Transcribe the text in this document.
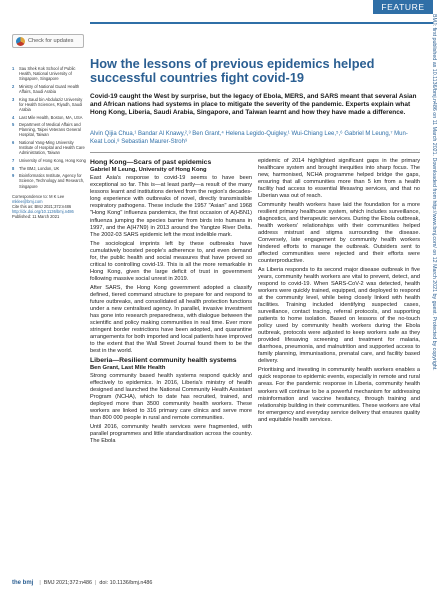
FEATURE
Check for updates
1	Sau Shek Kok School of Public Health, National University of Singapore, Singapore
2	Ministry of National Guard Health Affairs, Saudi Arabia
3	King Saud bin Abdulaziz University for Health Sciences, Riyadh, Saudi Arabia
4	Last Mile Health, Boston, MA, USA
5	Department of Medical Affairs and Planning, Taipei Veterans General Hospital, Taiwan
6	National Yang-Ming University Institute of Hospital and Health Care Administration, Taiwan
7	University of Hong Kong, Hong Kong
8	The BMJ, London, UK
9	Bioinformatics Institute, Agency for Science, Technology and Research, Singapore
Correspondence to: M K Lee
mklee@bmj.com
Cite this as: BMJ 2021;372:n486
http://dx.doi.org/10.1136/bmj.n486
Published: 11 March 2021
How the lessons of previous epidemics helped successful countries fight covid-19

Covid-19 caught the West by surprise, but the legacy of Ebola, MERS, and SARS meant that several Asian and African nations had systems in place to mitigate the severity of the pandemic. Experts explain what Hong Kong, Liberia, Saudi Arabia, Singapore, and Taiwan learnt and how they have made a difference.

Alvin Qijia Chua,¹ Bandar Al Knawy,²,³ Ben Grant,⁴ Helena Legido-Quigley,¹ Wui-Chiang Lee,⁵,⁶ Gabriel M Leung,⁷ Mun-Keat Looi,⁸ Sebastian Maurer-Stroh⁹

Hong Kong—Scars of past epidemics
Gabriel M Leung, University of Hong Kong

East Asia's response to covid-19 seems to have been exceptional so far. This is—at least partly—a result of the many lessons learnt and institutions derived from the region's decades-long experience with outbreaks of novel, directly transmissible respiratory pathogens. These include the 1957 "Asian" and 1968 "Hong Kong" influenza pandemics, the first occasion of A(H5N1) influenza jumping the species barrier from birds into humans in 1997, and the A(H7N9) in 2013 around the Yangtze River Delta. The 2002-03 SARS epidemic left the most indelible mark.

The sociological imprints left by these outbreaks have cumulatively boosted people's adherence to, and even demand for, the public health and social measures that have proved so critical to controlling covid-19. This is all the more remarkable in Hong Kong, given the large deficit of trust in government following massive social unrest in 2019.

After SARS, the Hong Kong government adopted a classify defined, tiered command structure to prepare for and respond to future outbreaks, and consolidated all health protection functions under a new centralised agency. In parallel, invasive investment has gone into research preparedness, with dialogue between the scientific and policy making communities in real time. Ever more stringent border restrictions have been adopted, and quarantine arrangements for both imported and local patients have improved to the extent that the Wall Street Journal found them to be the best in the world.

Liberia—Resilient community health systems
Ben Grant, Last Mile Health

Strong community based health systems respond quickly and effectively to epidemics. In 2016, Liberia's ministry of health designed and launched the National Community Health Assistant Program (NCHA), which to date has recruited, trained, and deployed more than 3500 community health workers. These workers are linked to 316 primary care clinics and serve more than 800 000 people in rural and remote communities.

Until 2016, community health services were fragmented, with parallel programmes and little standardisation across the country. The Ebola

epidemic of 2014 highlighted significant gaps in the primary healthcare system and brought inequities into sharp focus. The new, harmonised, NCHA programme helped bridge the gaps, ensuring that all communities more than 5 km from a health facility had access to essential lifesaving services, and that no Liberian was out of reach.

Community health workers have laid the foundation for a more resilient primary healthcare system, which includes surveillance, diagnostics, and therapeutic services. During the Ebola outbreak, health workers' relationships with their communities helped address mistrust and stigma surrounding the disease. Conversely, late engagement by community health workers hindered efforts to manage the outbreak. Outsiders sent to affected communities were rejected and their efforts were counterproductive.

As Liberia responds to its second major disease outbreak in five years, community health workers are vital to prevent, detect, and respond to covid-19. When SARS-CoV-2 was detected, health workers were quickly trained, equipped, and deployed to respond at the community level, while being closely linked with health facilities. Training included identifying suspected cases, surveillance, contact tracing, referral protocols, and supporting patients to home isolation. Based on lessons of the no-touch policy used by community health workers during the Ebola outbreak, protocols were adjusted to keep workers safe as they provided lifesaving screening and treatment for malaria, diarrhoea, pneumonia, and malnutrition and supported access to family planning, immunisations, prenatal care, and facility based delivery.

Prioritising and investing in community health workers enables a quick response to epidemic events, especially in remote and rural areas. For the pandemic response in Liberia, community health workers will continue to be a powerful mechanism for addressing misinformation and vaccine hesitancy, through training and relationship building in their communities. These workers are vital for emergency and everyday service delivery that ensures quality and equitable health services.

BMJ: first published as 10.1136/bmj.n486 on 11 March 2021. Downloaded from http://www.bmj.com/ on 12 March 2021 by guest. Protected by copyright.
the bmj | BMJ 2021;372:n486 | doi: 10.1136/bmj.n486
